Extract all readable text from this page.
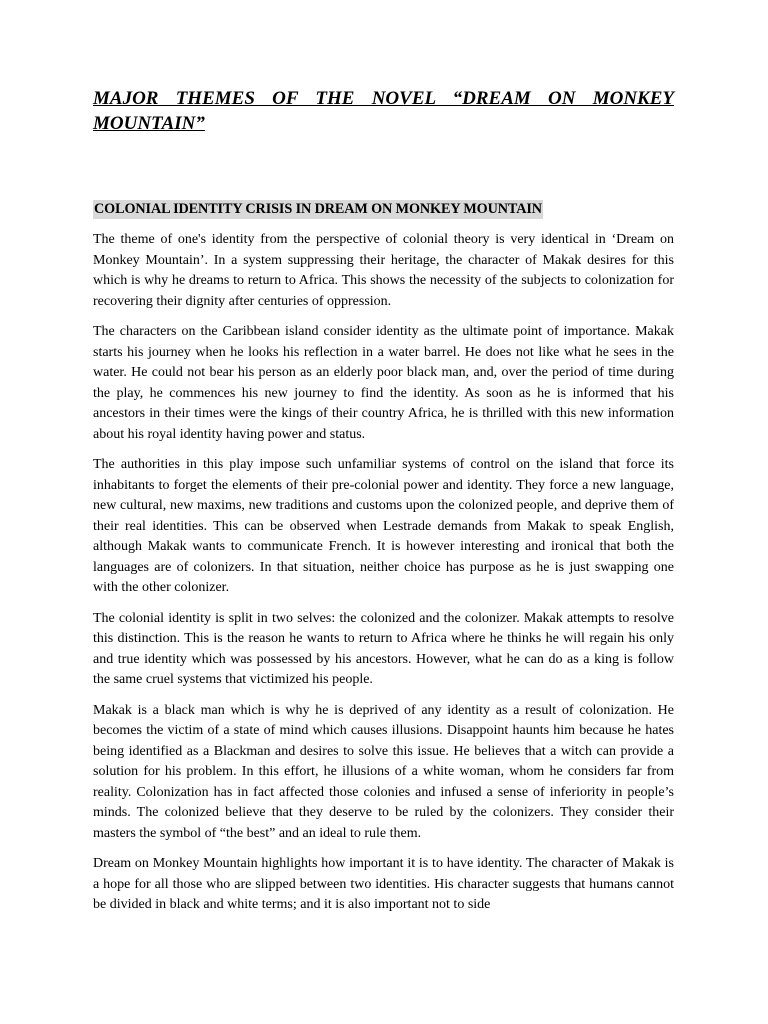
MAJOR THEMES OF THE NOVEL “DREAM ON MONKEY MOUNTAIN”
COLONIAL IDENTITY CRISIS IN DREAM ON MONKEY MOUNTAIN

The theme of one's identity from the perspective of colonial theory is very identical in ‘Dream on Monkey Mountain’. In a system suppressing their heritage, the character of Makak desires for this which is why he dreams to return to Africa. This shows the necessity of the subjects to colonization for recovering their dignity after centuries of oppression.

The characters on the Caribbean island consider identity as the ultimate point of importance. Makak starts his journey when he looks his reflection in a water barrel. He does not like what he sees in the water. He could not bear his person as an elderly poor black man, and, over the period of time during the play, he commences his new journey to find the identity. As soon as he is informed that his ancestors in their times were the kings of their country Africa, he is thrilled with this new information about his royal identity having power and status.

The authorities in this play impose such unfamiliar systems of control on the island that force its inhabitants to forget the elements of their pre-colonial power and identity. They force a new language, new cultural, new maxims, new traditions and customs upon the colonized people, and deprive them of their real identities. This can be observed when Lestrade demands from Makak to speak English, although Makak wants to communicate French. It is however interesting and ironical that both the languages are of colonizers. In that situation, neither choice has purpose as he is just swapping one with the other colonizer.

The colonial identity is split in two selves: the colonized and the colonizer. Makak attempts to resolve this distinction. This is the reason he wants to return to Africa where he thinks he will regain his only and true identity which was possessed by his ancestors. However, what he can do as a king is follow the same cruel systems that victimized his people.

Makak is a black man which is why he is deprived of any identity as a result of colonization. He becomes the victim of a state of mind which causes illusions. Disappoint haunts him because he hates being identified as a Blackman and desires to solve this issue. He believes that a witch can provide a solution for his problem. In this effort, he illusions of a white woman, whom he considers far from reality. Colonization has in fact affected those colonies and infused a sense of inferiority in people’s minds. The colonized believe that they deserve to be ruled by the colonizers. They consider their masters the symbol of “the best” and an ideal to rule them.

Dream on Monkey Mountain highlights how important it is to have identity. The character of Makak is a hope for all those who are slipped between two identities. His character suggests that humans cannot be divided in black and white terms; and it is also important not to side
